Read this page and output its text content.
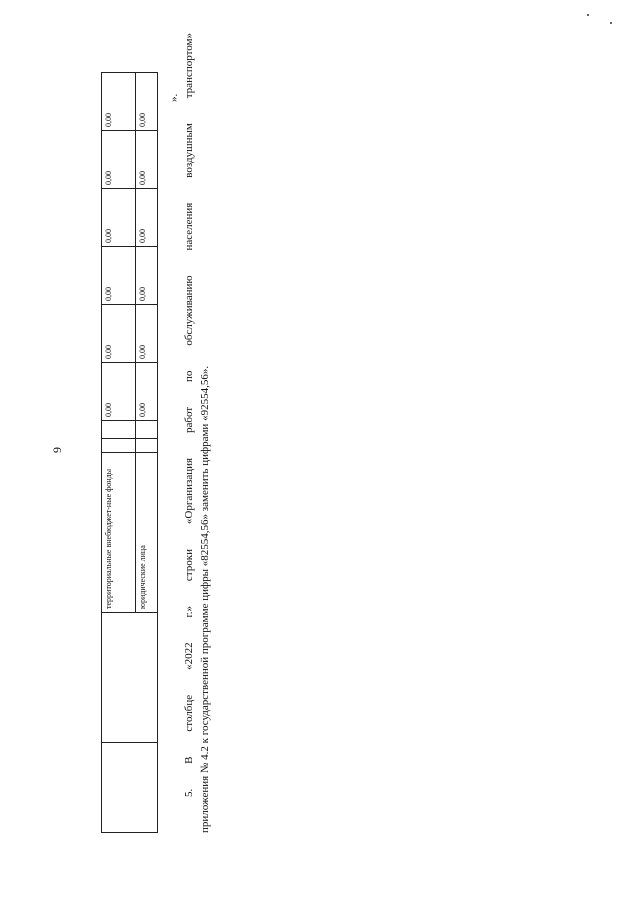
9
		территориальные внебюджет-ные фонды			0,00	0,00	0,00	0,00	0,00	0,00
		юридические лица			0,00	0,00	0,00	0,00	0,00	0,00
». 5. В столбце «2022 г.» строки «Организация работ по обслуживанию населения воздушным транспортом» приложения № 4.2 к государственной программе цифры «82554,56» заменить цифрами «92554,56».
